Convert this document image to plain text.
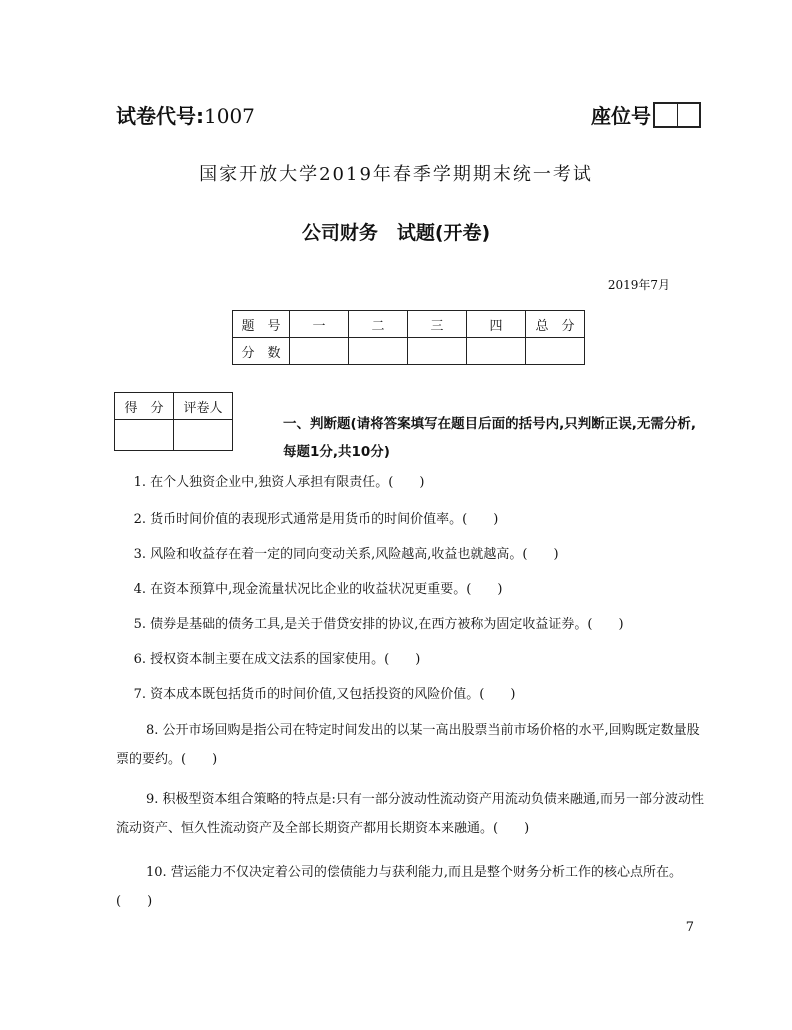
试卷代号:1007	座位号
国家开放大学2019年春季学期期末统一考试
公司财务　试题(开卷)
2019年7月
题　号	一	二	三	四	总　分
分　数					
得　分	评卷人

一、判断题(请将答案填写在题目后面的括号内,只判断正误,无需分析,每题1分,共10分)
1. 在个人独资企业中,独资人承担有限责任。(　　)
2. 货币时间价值的表现形式通常是用货币的时间价值率。(　　)
3. 风险和收益存在着一定的同向变动关系,风险越高,收益也就越高。(　　)
4. 在资本预算中,现金流量状况比企业的收益状况更重要。(　　)
5. 债券是基础的债务工具,是关于借贷安排的协议,在西方被称为固定收益证券。(　　)
6. 授权资本制主要在成文法系的国家使用。(　　)
7. 资本成本既包括货币的时间价值,又包括投资的风险价值。(　　)
8. 公开市场回购是指公司在特定时间发出的以某一高出股票当前市场价格的水平,回购既定数量股票的要约。(　　)
9. 积极型资本组合策略的特点是:只有一部分波动性流动资产用流动负债来融通,而另一部分波动性流动资产、恒久性流动资产及全部长期资产都用长期资本来融通。(　　)
10. 营运能力不仅决定着公司的偿债能力与获利能力,而且是整个财务分析工作的核心点所在。(　　)
7
